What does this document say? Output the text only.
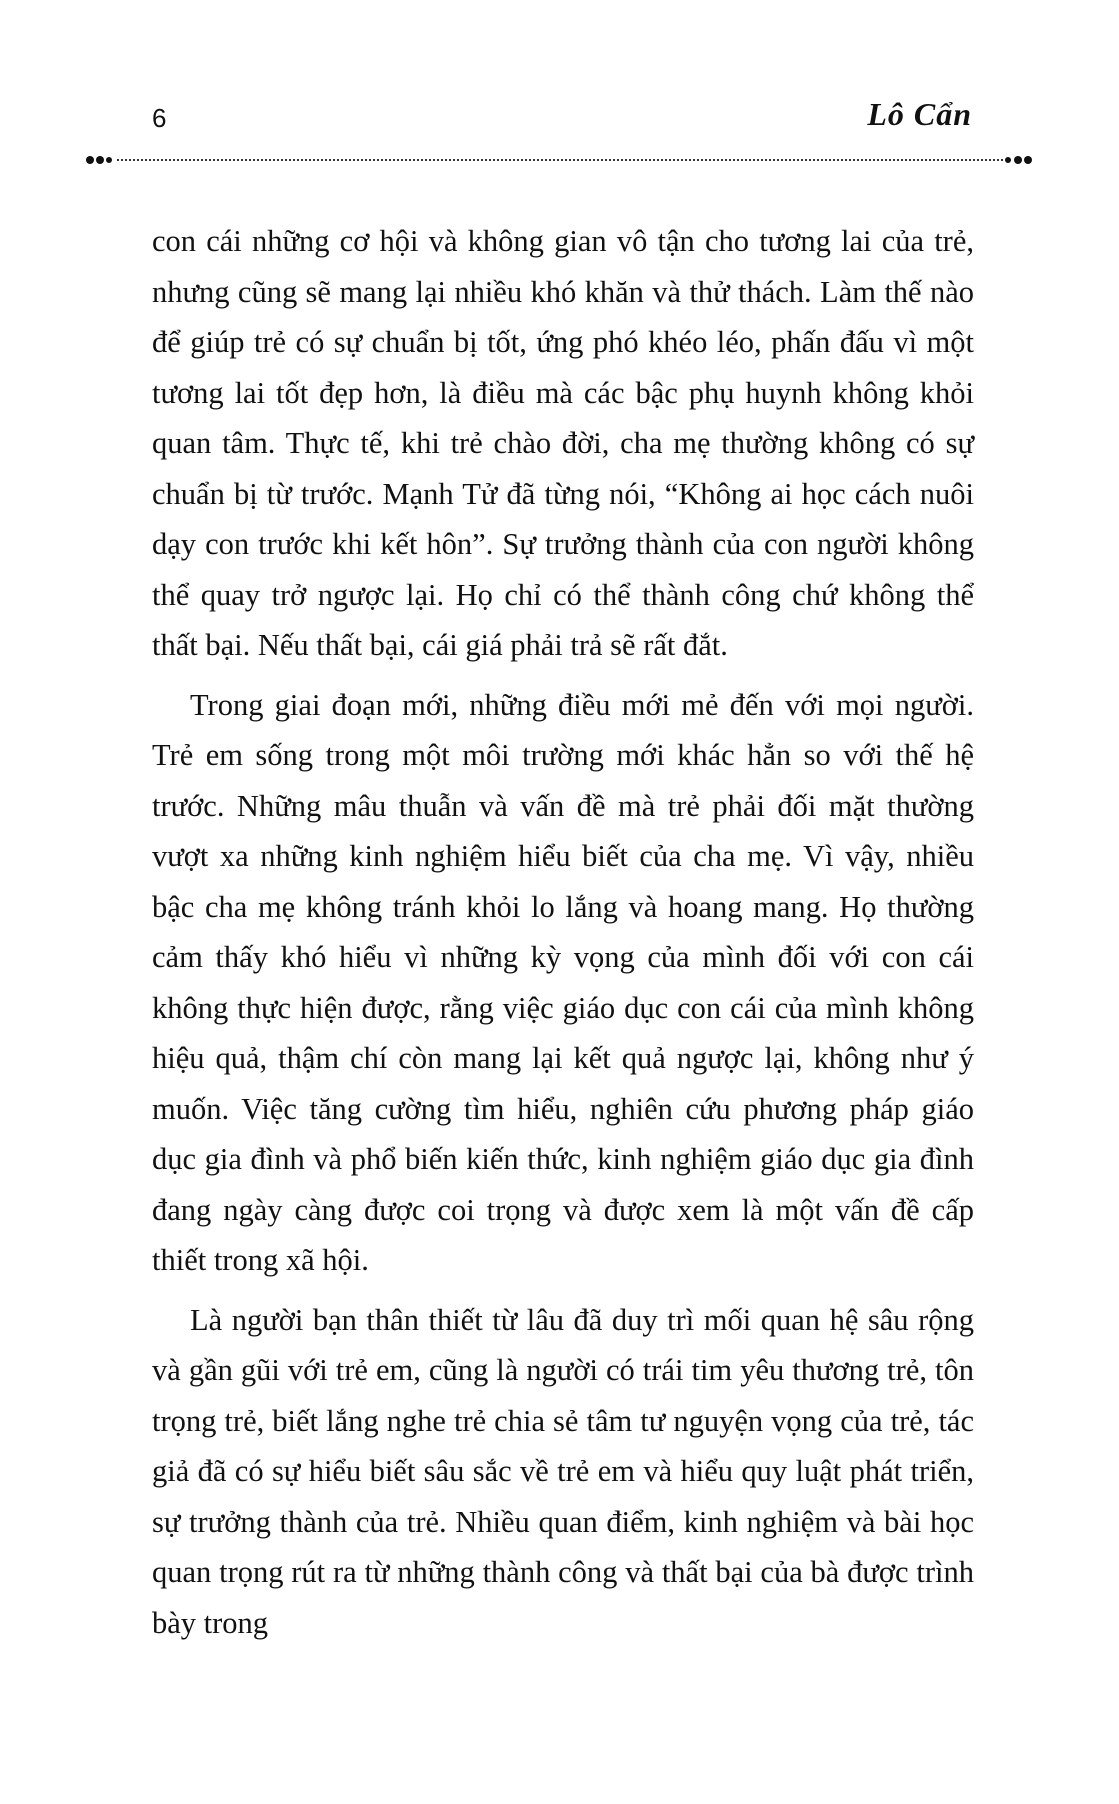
6	Lô Cẩn

con cái những cơ hội và không gian vô tận cho tương lai của trẻ, nhưng cũng sẽ mang lại nhiều khó khăn và thử thách. Làm thế nào để giúp trẻ có sự chuẩn bị tốt, ứng phó khéo léo, phấn đấu vì một tương lai tốt đẹp hơn, là điều mà các bậc phụ huynh không khỏi quan tâm. Thực tế, khi trẻ chào đời, cha mẹ thường không có sự chuẩn bị từ trước. Mạnh Tử đã từng nói, “Không ai học cách nuôi dạy con trước khi kết hôn”. Sự trưởng thành của con người không thể quay trở ngược lại. Họ chỉ có thể thành công chứ không thể thất bại. Nếu thất bại, cái giá phải trả sẽ rất đắt.

Trong giai đoạn mới, những điều mới mẻ đến với mọi người. Trẻ em sống trong một môi trường mới khác hẳn so với thế hệ trước. Những mâu thuẫn và vấn đề mà trẻ phải đối mặt thường vượt xa những kinh nghiệm hiểu biết của cha mẹ. Vì vậy, nhiều bậc cha mẹ không tránh khỏi lo lắng và hoang mang. Họ thường cảm thấy khó hiểu vì những kỳ vọng của mình đối với con cái không thực hiện được, rằng việc giáo dục con cái của mình không hiệu quả, thậm chí còn mang lại kết quả ngược lại, không như ý muốn. Việc tăng cường tìm hiểu, nghiên cứu phương pháp giáo dục gia đình và phổ biến kiến thức, kinh nghiệm giáo dục gia đình đang ngày càng được coi trọng và được xem là một vấn đề cấp thiết trong xã hội.

Là người bạn thân thiết từ lâu đã duy trì mối quan hệ sâu rộng và gần gũi với trẻ em, cũng là người có trái tim yêu thương trẻ, tôn trọng trẻ, biết lắng nghe trẻ chia sẻ tâm tư nguyện vọng của trẻ, tác giả đã có sự hiểu biết sâu sắc về trẻ em và hiểu quy luật phát triển, sự trưởng thành của trẻ. Nhiều quan điểm, kinh nghiệm và bài học quan trọng rút ra từ những thành công và thất bại của bà được trình bày trong
